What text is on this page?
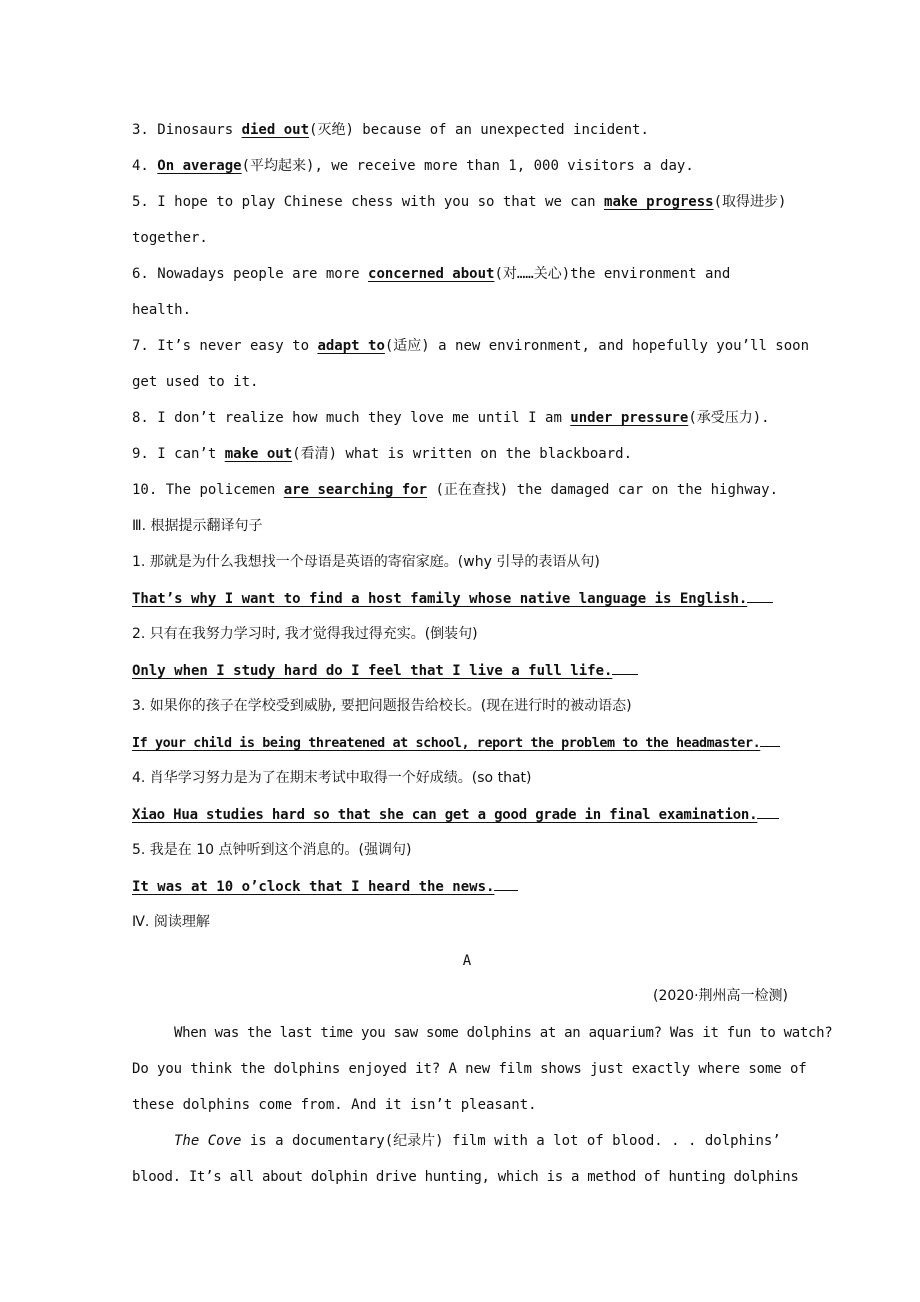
3. Dinosaurs died out(灭绝) because of an unexpected incident.
4. On average(平均起来), we receive more than 1, 000 visitors a day.
5. I hope to play Chinese chess with you so that we can make progress(取得进步)
together.
6. Nowadays people are more concerned about(对……关心)the environment and
health.
7. It’s never easy to adapt to(适应) a new environment, and hopefully you’ll soon
get used to it.
8. I don’t realize how much they love me until I am under pressure(承受压力).
9. I can’t make out(看清) what is written on the blackboard.
10. The policemen are searching for (正在查找) the damaged car on the highway.
Ⅲ. 根据提示翻译句子
1. 那就是为什么我想找一个母语是英语的寄宿家庭。(why 引导的表语从句)
That’s why I want to find a host family whose native language is English.
2. 只有在我努力学习时, 我才觉得我过得充实。(倒装句)
Only when I study hard do I feel that I live a full life.
3. 如果你的孩子在学校受到威胁, 要把问题报告给校长。(现在进行时的被动语态)
If your child is being threatened at school, report the problem to the headmaster.
4. 肖华学习努力是为了在期末考试中取得一个好成绩。(so that)
Xiao Hua studies hard so that she can get a good grade in final examination.
5. 我是在 10 点钟听到这个消息的。(强调句)
It was at 10 o’clock that I heard the news.
Ⅳ. 阅读理解
A
(2020·荆州高一检测)
When was the last time you saw some dolphins at an aquarium? Was it fun to watch?
Do you think the dolphins enjoyed it? A new film shows just exactly where some of
these dolphins come from. And it isn’t pleasant.
The Cove is a documentary(纪录片) film with a lot of blood. . . dolphins’
blood. It’s all about dolphin drive hunting, which is a method of hunting dolphins
